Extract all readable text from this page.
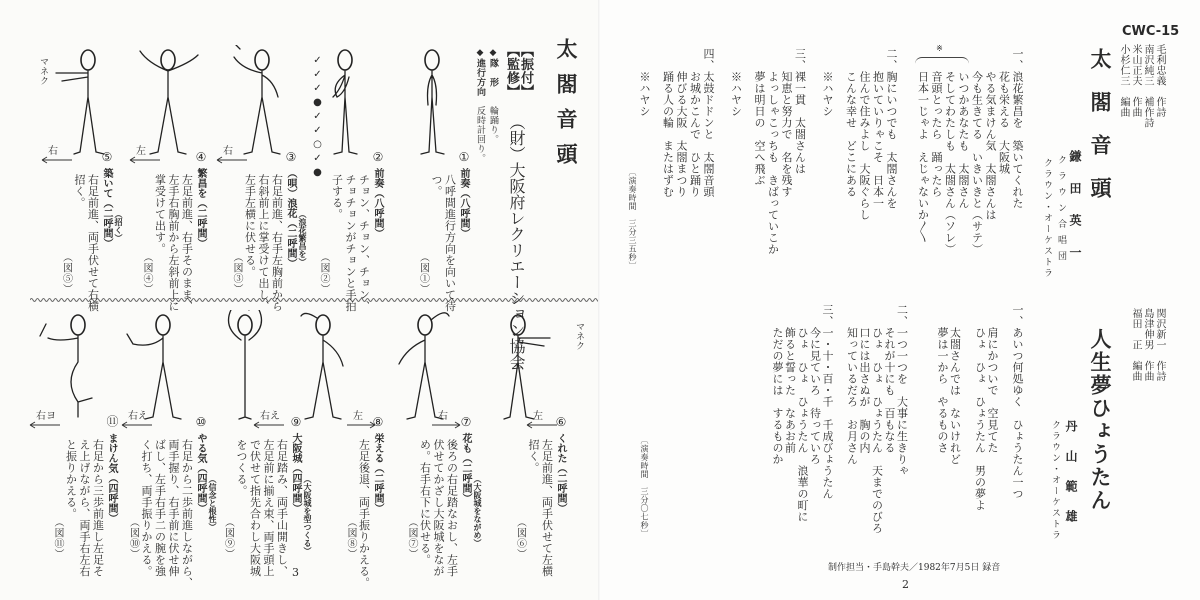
太閤音頭
【振付】
【監修】
（財）大阪府レクリエーション協会
◆隊　形
輪踊り。
◆進行方向
反時計回り。
✓✓✓●✓✓○✓●	①
前奏（八呼間）
八呼間進行方向を向いて待
つ。
（図①）
②
前奏（八呼間）
チョン、チョン、チョン、
チョチョンがチョンと手拍
子する。
（図②）
③
（唄）浪花（二呼間） （浪花繁昌を）
右足前進、右手左胸前から
右斜前上に掌受けて出し、
左手左横に伏せる。
（図③）
右
④
繁昌を（二呼間）
左足前進、右手そのまま、
左手右胸前から左斜前上に
掌受けて出す。
（図④）
左
⑤
築いて（二呼間） （招く）
右足前進、両手伏せて右横
招く。
（図⑤）
右
マネク
⑥
くれた（二呼間）
左足前進、両手伏せて左横
招く。
（図⑥）
左
マネク
⑦
花も（二呼間） （大阪城をながめ）
後ろの右足踏なおし、左手
伏せてかざし大阪城をなが
め。右手右下に伏せる。
（図⑦）
右
⑧
栄える（二呼間）
左足後退、両手振りかえる。
（図⑧）
左
⑨
大阪城（四呼間） （大阪城を型つくる）
右足踏み、両手山開きし、
左足前に揃え束、両手頭上
で伏せて指先合わし大阪城
をつくる。
（図⑨）
右え
⑩
やる気（四呼間） （信念と根性）
右足から二歩前進しながら、
両手握り、右手前に伏せ伸
ばし、左手右手二の腕を強
く打ち、両手振りかえる。
（図⑩）
右え
⑪
まけん気（四呼間）
右足から三歩前進し左足そ
え上げながら、両手右左右
と振りかえる。
（図⑪）
右ヨ
3
CWC-15
毛利忠義　作詩
南沢純三　補作詩
米山正夫　作曲
小杉仁三　編曲
太閤音頭
鎌田英一
クラウン合唱団
クラウン・オーケストラ
※	一、浪花繁昌を　築いてくれた
花も栄える　大阪城
やる気まけん気　太閤さんは
今も生きてる　いきいきと（サテ）
いつかあなたも　太閤さん
そしてわたしも　太閤さん（ソレ）
音頭とったら　踊ったら
日本一じゃよ　えじゃないか〳〵
二、胸にいつでも　太閤さんを
抱いていりゃこそ　日本一
住んで住みよし　大阪ぐらし
こんな幸せ　どこにある
※ハヤシ
三、裸一貫　太閤さんは
知恵と努力で　名を残す
よっしゃこっちも　きばっていこか
夢は明日の　空へ飛ぶ
※ハヤシ
四、太鼓ドドンと　太閤音頭
お城かこんで　ひと踊り
伸びる大阪　太閤まつり
踊る人の輪　またはずむ
※ハヤシ
〔演奏時間　三分三五秒〕
関沢新一　作詩
島津伸男　作曲
福田　正　編曲
人生夢ひょうたん
丹山範雄
クラウン・オーケストラ
一、あいつ何処ゆく　ひょうたん一つ
肩にかついで　空見てた
ひょ　ひょ　ひょうたん　男の夢よ
太閤さんでは　ないけれど
夢は一から　やるものさ
二、一つ一つを　大事に生きりゃ
それが十にも　百もなる
ひょ　ひょ　ひょうたん　天までのびろ
口には出さぬが　胸の内
知っているだろ　お月さん
三、一・十・百・千　千成びょうたん
今に見ていろ　待っていろ
ひょ　ひょ　ひょうたん　浪華の町に
飾ると誓った　なあお前
ただの夢には　するものか
〔演奏時間　三分〇七秒〕
制作担当・手島幹夫／1982年7月5日 録音
2
